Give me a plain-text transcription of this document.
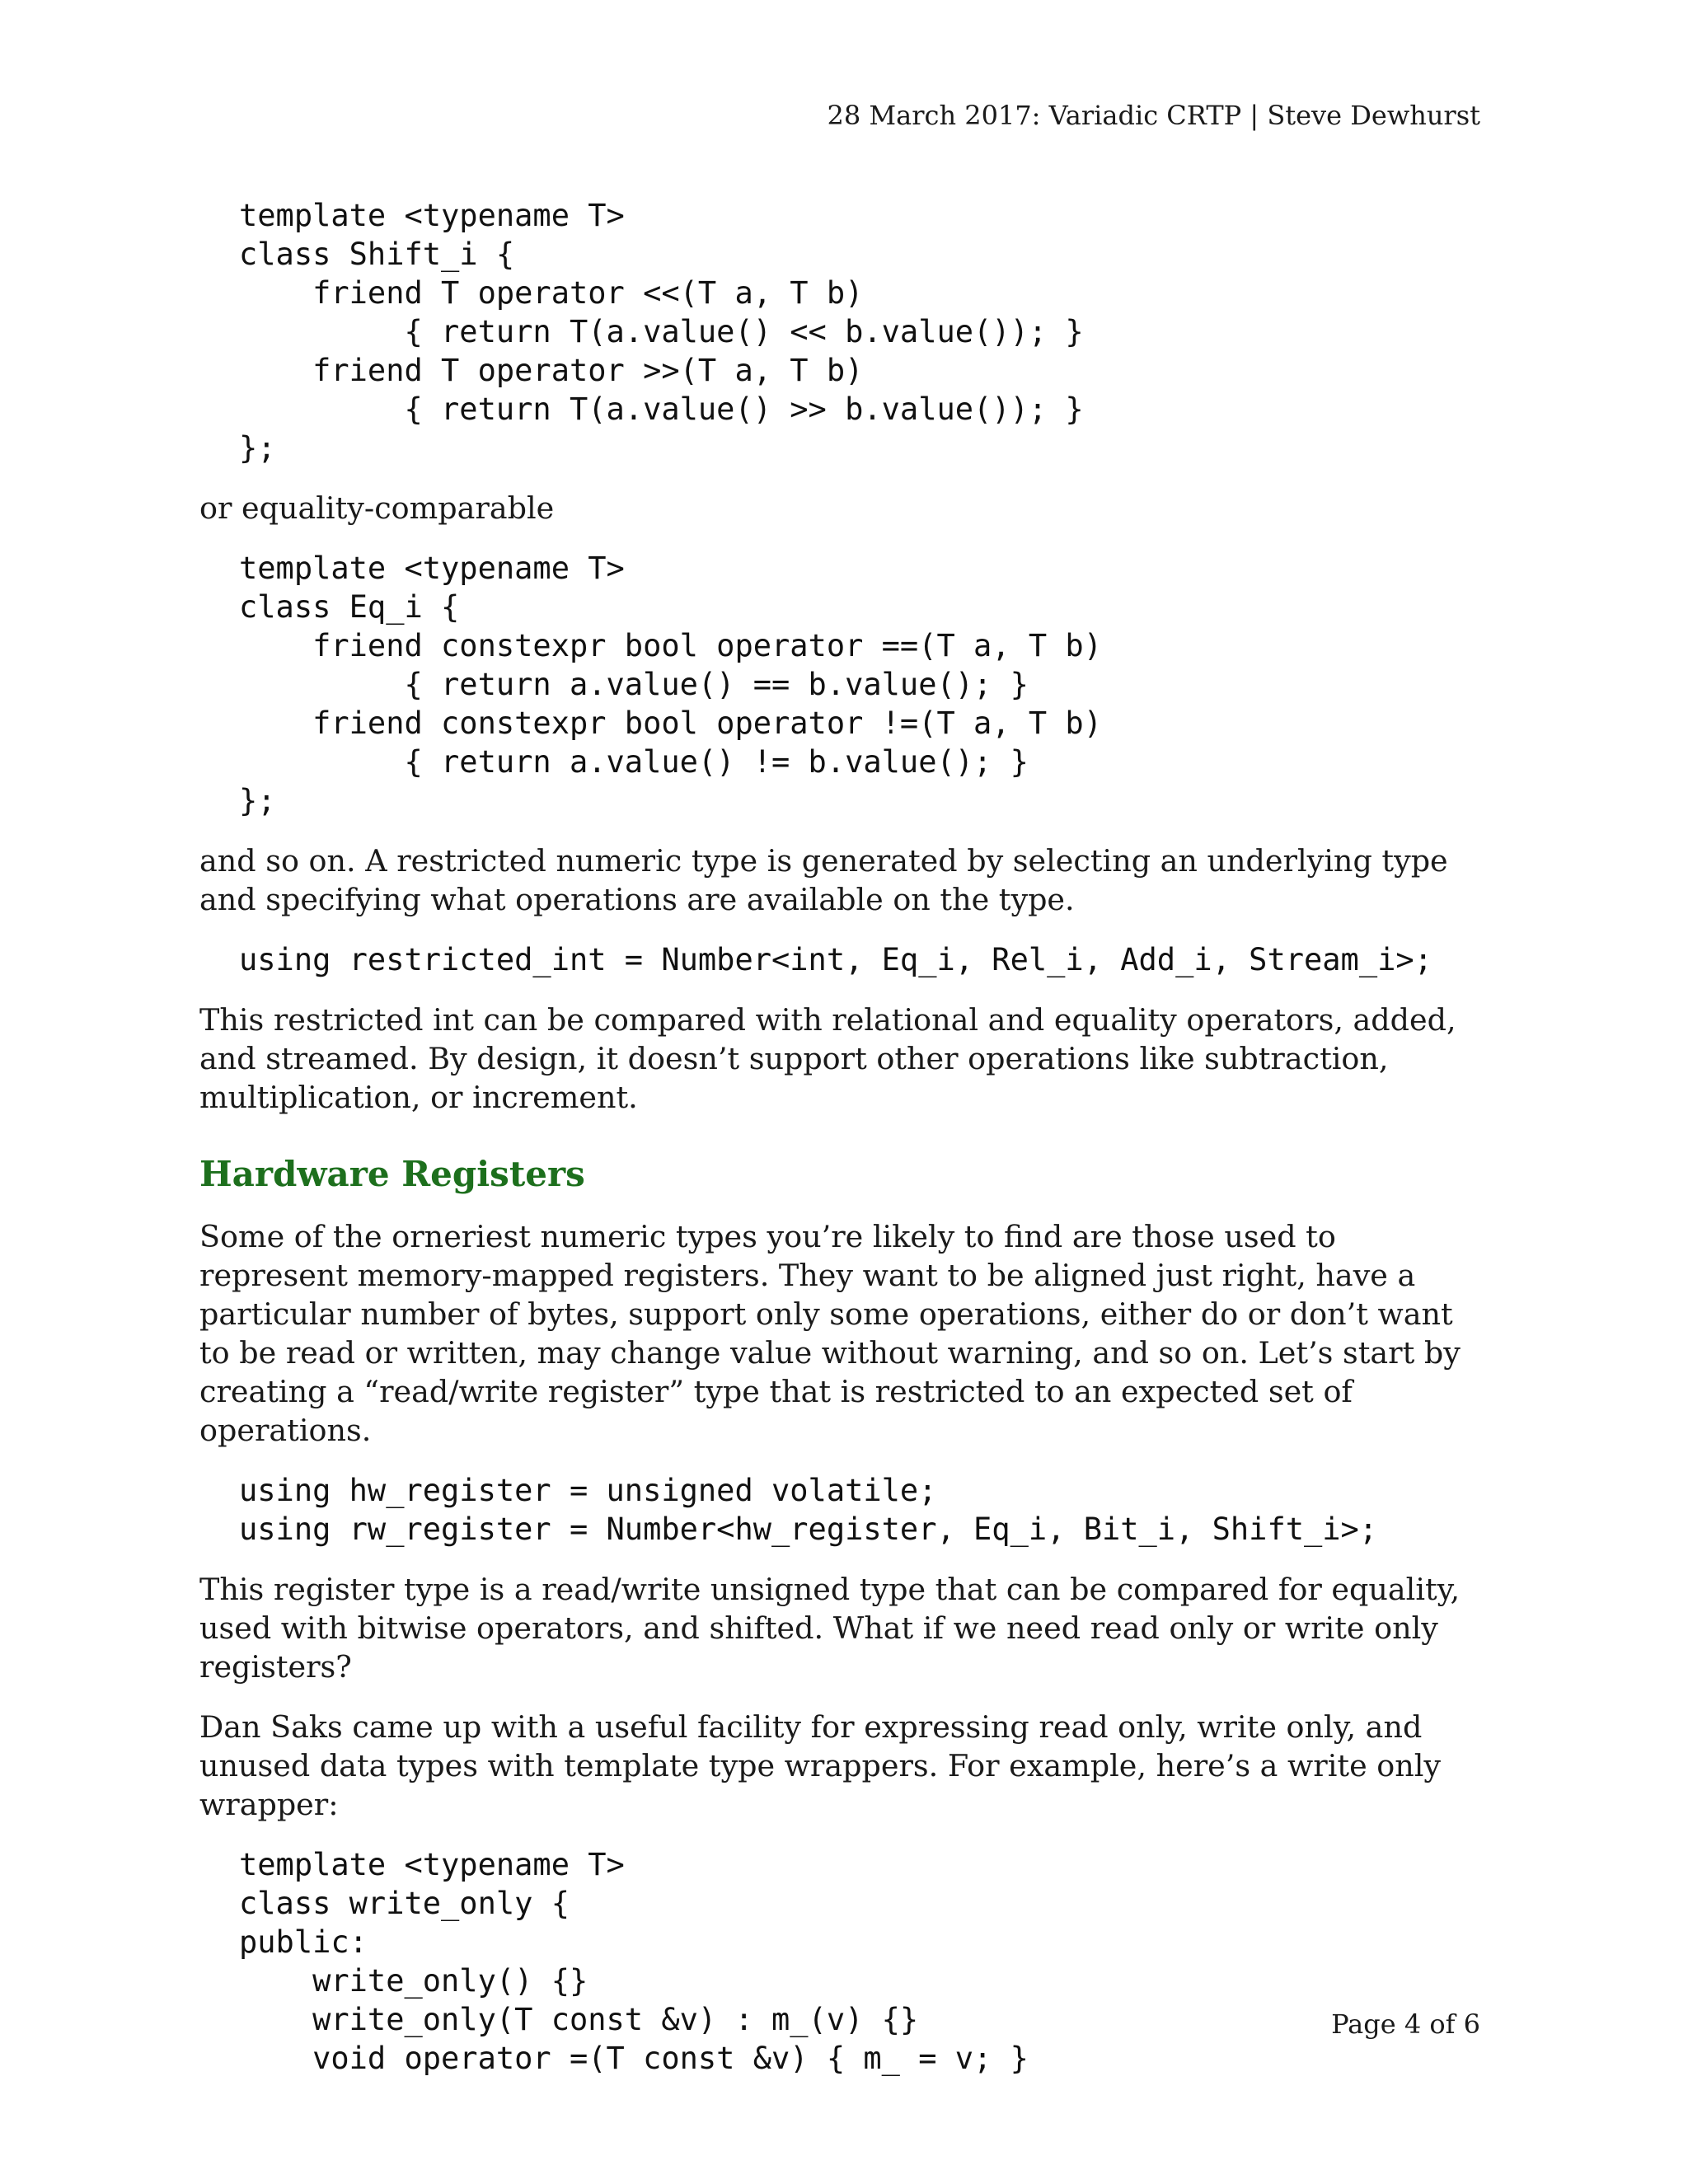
28 March 2017: Variadic CRTP | Steve Dewhurst
template <typename T>
class Shift_i {
friend T operator <<(T a, T b)
{ return T(a.value() << b.value()); }
friend T operator >>(T a, T b)
{ return T(a.value() >> b.value()); }
};

or equality-comparable

template <typename T>
class Eq_i {
friend constexpr bool operator ==(T a, T b)
{ return a.value() == b.value(); }
friend constexpr bool operator !=(T a, T b)
{ return a.value() != b.value(); }
};

and so on. A restricted numeric type is generated by selecting an underlying type and specifying what operations are available on the type.

using restricted_int = Number<int, Eq_i, Rel_i, Add_i, Stream_i>;

This restricted int can be compared with relational and equality operators, added, and streamed. By design, it doesn’t support other operations like subtraction, multiplication, or increment.

Hardware Registers

Some of the orneriest numeric types you’re likely to find are those used to represent memory-mapped registers. They want to be aligned just right, have a particular number of bytes, support only some operations, either do or don’t want to be read or written, may change value without warning, and so on. Let’s start by creating a “read/write register” type that is restricted to an expected set of operations.

using hw_register = unsigned volatile;
using rw_register = Number<hw_register, Eq_i, Bit_i, Shift_i>;

This register type is a read/write unsigned type that can be compared for equality, used with bitwise operators, and shifted. What if we need read only or write only registers?

Dan Saks came up with a useful facility for expressing read only, write only, and unused data types with template type wrappers. For example, here’s a write only wrapper:

template <typename T>
class write_only {
public:
write_only() {}
write_only(T const &v) : m_(v) {}
void operator =(T const &v) { m_ = v; }
Page 4 of 6
